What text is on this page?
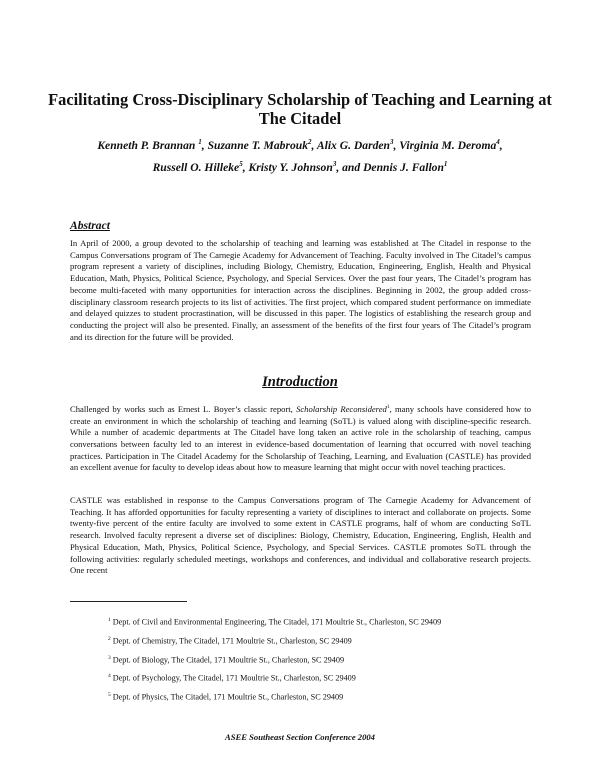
Facilitating Cross-Disciplinary Scholarship of Teaching and Learning at The Citadel

Kenneth P. Brannan $^1$, Suzanne T. Mabrouk$^2$, Alix G. Darden$^3$, Virginia M. Deroma$^4$,
Russell O. Hilleke$^5$, Kristy Y. Johnson$^3$, and Dennis J. Fallon$^1$

Abstract

In April of 2000, a group devoted to the scholarship of teaching and learning was established at The Citadel in response to the Campus Conversations program of The Carnegie Academy for Advancement of Teaching. Faculty involved in The Citadel’s campus program represent a variety of disciplines, including Biology, Chemistry, Education, Engineering, English, Health and Physical Education, Math, Physics, Political Science, Psychology, and Special Services. Over the past four years, The Citadel’s program has become multi-faceted with many opportunities for interaction across the disciplines. Beginning in 2002, the group added cross-disciplinary classroom research projects to its list of activities. The first project, which compared student performance on immediate and delayed quizzes to student procrastination, will be discussed in this paper. The logistics of establishing the research group and conducting the project will also be presented. Finally, an assessment of the benefits of the first four years of The Citadel’s program and its direction for the future will be provided.

Introduction

Challenged by works such as Ernest L. Boyer’s classic report, Scholarship Reconsidered$^1$, many schools have considered how to create an environment in which the scholarship of teaching and learning (SoTL) is valued along with discipline-specific research. While a number of academic departments at The Citadel have long taken an active role in the scholarship of teaching, campus conversations between faculty led to an interest in evidence-based documentation of learning that occurred with novel teaching practices. Participation in The Citadel Academy for the Scholarship of Teaching, Learning, and Evaluation (CASTLE) has provided an excellent avenue for faculty to develop ideas about how to measure learning that might occur with novel teaching practices.

CASTLE was established in response to the Campus Conversations program of The Carnegie Academy for Advancement of Teaching. It has afforded opportunities for faculty representing a variety of disciplines to interact and collaborate on projects. Some twenty-five percent of the entire faculty are involved to some extent in CASTLE programs, half of whom are conducting SoTL research. Involved faculty represent a diverse set of disciplines: Biology, Chemistry, Education, Engineering, English, Health and Physical Education, Math, Physics, Political Science, Psychology, and Special Services. CASTLE promotes SoTL through the following activities: regularly scheduled meetings, workshops and conferences, and individual and collaborative research projects. One recent

$^1$ Dept. of Civil and Environmental Engineering, The Citadel, 171 Moultrie St., Charleston, SC 29409

$^2$ Dept. of Chemistry, The Citadel, 171 Moultrie St., Charleston, SC 29409

$^3$ Dept. of Biology, The Citadel, 171 Moultrie St., Charleston, SC 29409

$^4$ Dept. of Psychology, The Citadel, 171 Moultrie St., Charleston, SC 29409

$^5$ Dept. of Physics, The Citadel, 171 Moultrie St., Charleston, SC 29409

ASEE Southeast Section Conference 2004
